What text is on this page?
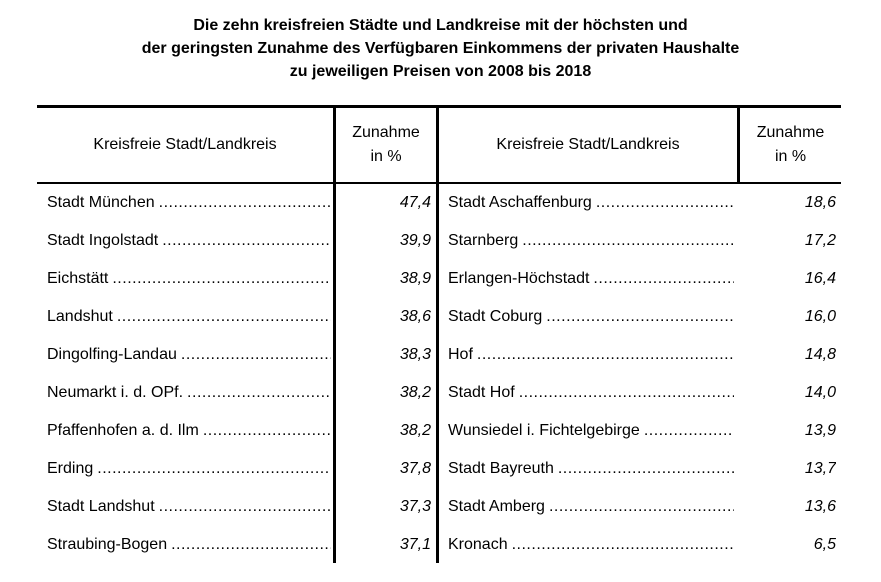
Die zehn kreisfreien Städte und Landkreise mit der höchsten und
der geringsten Zunahme des Verfügbaren Einkommens der privaten Haushalte
zu jeweiligen Preisen von 2008 bis 2018
Kreisfreie Stadt/Landkreis
Zunahme
in %
Kreisfreie Stadt/Landkreis
Zunahme
in %
Stadt München .....	47,4 Stadt Aschaffenburg .....	18,6
Stadt Ingolstadt .....	39,9 Starnberg .....	17,2
Eichstätt .....	38,9 Erlangen-Höchstadt .....	16,4
Landshut .....	38,6 Stadt Coburg .....	16,0
Dingolfing-Landau .....	38,3 Hof .....	14,8
Neumarkt i. d. OPf. .....	38,2 Stadt Hof .....	14,0
Pfaffenhofen a. d. Ilm .....	38,2 Wunsiedel i. Fichtelgebirge .....	13,9
Erding .....	37,8 Stadt Bayreuth .....	13,7
Stadt Landshut .....	37,3 Stadt Amberg .....	13,6
Straubing-Bogen .....	37,1 Kronach .....	6,5
